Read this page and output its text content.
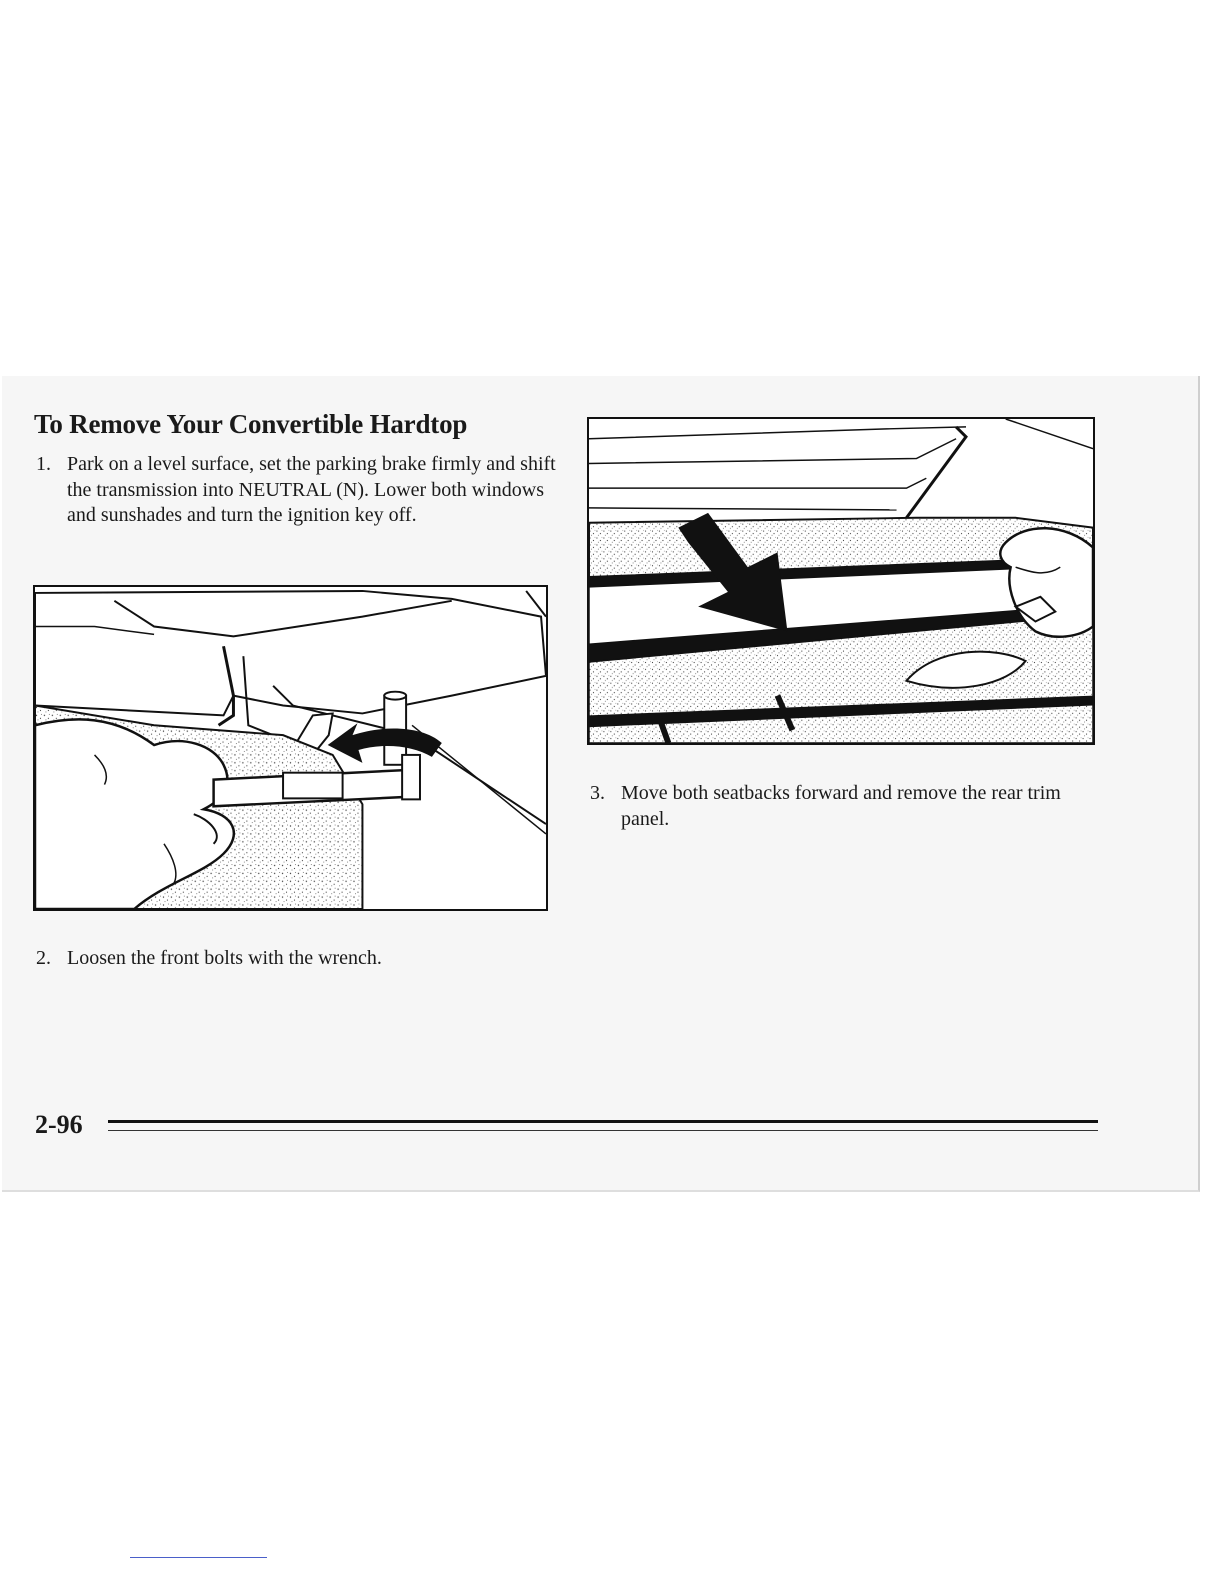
To Remove Your Convertible Hardtop
1. Park on a level surface, set the parking brake firmly and shift the transmission into NEUTRAL (N). Lower both windows and sunshades and turn the ignition key off.
2. Loosen the front bolts with the wrench.
3. Move both seatbacks forward and remove the rear trim panel.
2-96
